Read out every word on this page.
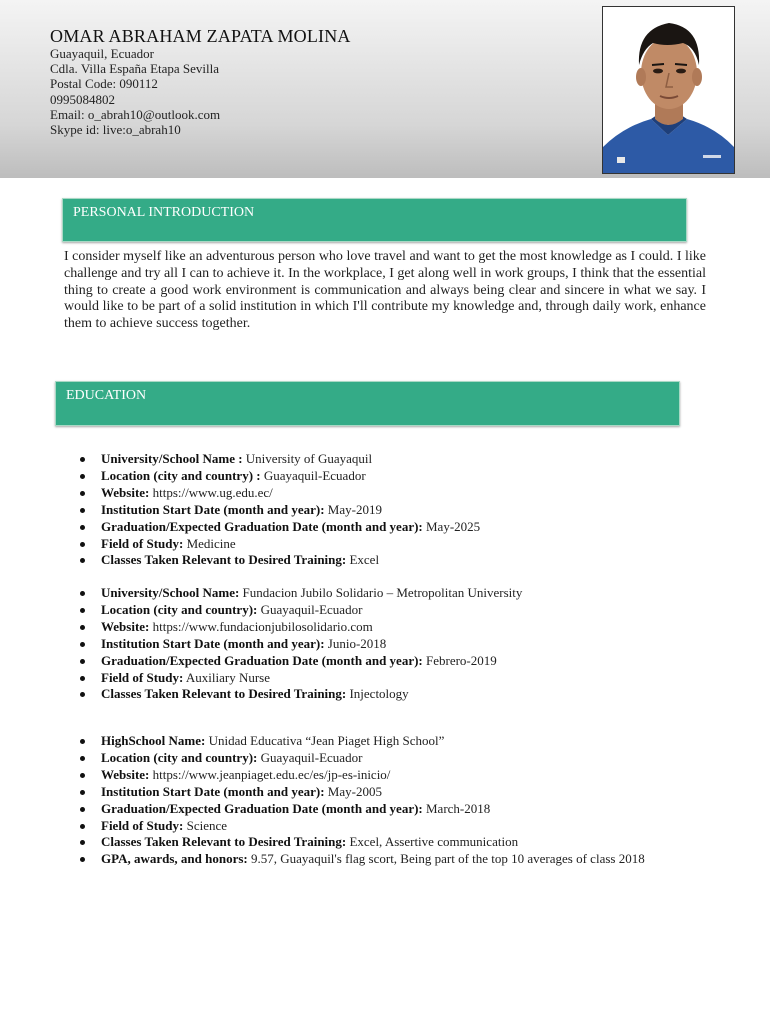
OMAR ABRAHAM ZAPATA MOLINA
Guayaquil, Ecuador
Cdla. Villa España Etapa Sevilla
Postal Code: 090112
0995084802
Email: o_abrah10@outlook.com
Skype id: live:o_abrah10
PERSONAL INTRODUCTION

I consider myself like an adventurous person who love travel and want to get the most knowledge as I could. I like challenge and try all I can to achieve it. In the workplace, I get along well in work groups, I think that the essential thing to create a good work environment is communication and always being clear and sincere in what we say. I would like to be part of a solid institution in which I'll contribute my knowledge and, through daily work, enhance them to achieve success together.

EDUCATION
University/School Name : University of Guayaquil
Location (city and country) : Guayaquil-Ecuador
Website: https://www.ug.edu.ec/
Institution Start Date (month and year): May-2019
Graduation/Expected Graduation Date (month and year): May-2025
Field of Study: Medicine
Classes Taken Relevant to Desired Training: Excel
University/School Name: Fundacion Jubilo Solidario – Metropolitan University
Location (city and country): Guayaquil-Ecuador
Website: https://www.fundacionjubilosolidario.com
Institution Start Date (month and year): Junio-2018
Graduation/Expected Graduation Date (month and year): Febrero-2019
Field of Study: Auxiliary Nurse
Classes Taken Relevant to Desired Training: Injectology
HighSchool Name: Unidad Educativa “Jean Piaget High School”
Location (city and country): Guayaquil-Ecuador
Website: https://www.jeanpiaget.edu.ec/es/jp-es-inicio/
Institution Start Date (month and year): May-2005
Graduation/Expected Graduation Date (month and year): March-2018
Field of Study: Science
Classes Taken Relevant to Desired Training: Excel, Assertive communication
GPA, awards, and honors: 9.57, Guayaquil's flag scort, Being part of the top 10 averages of class 2018
